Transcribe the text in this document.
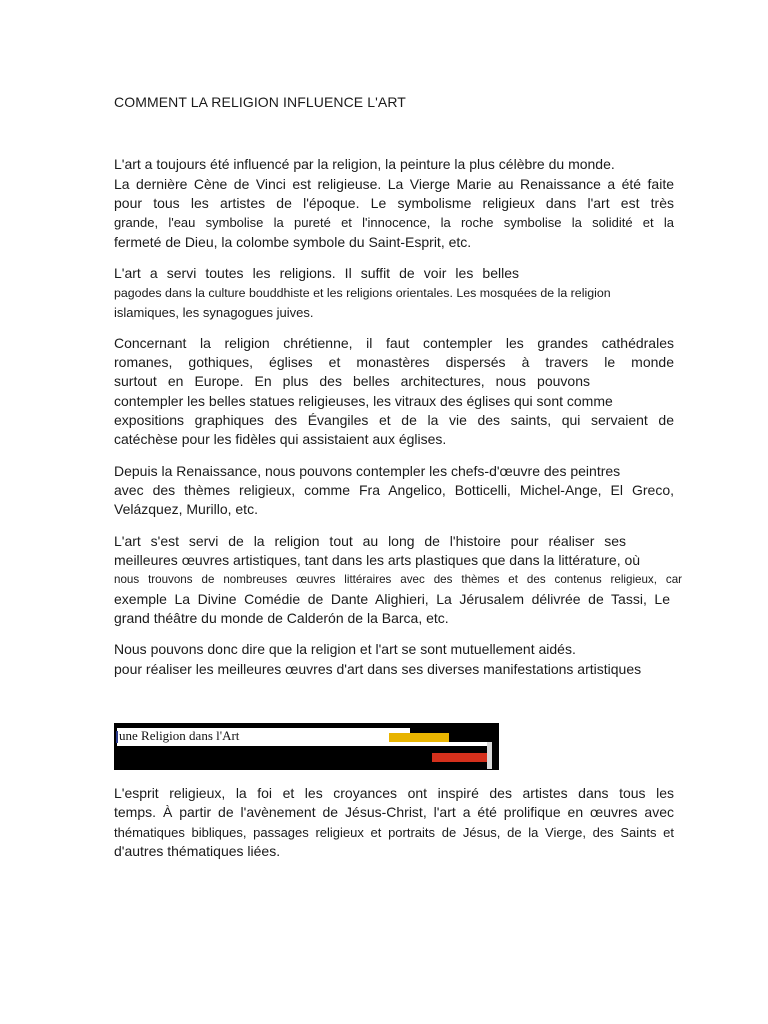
COMMENT LA RELIGION INFLUENCE L'ART
L'art a toujours été influencé par la religion, la peinture la plus célèbre du monde.
La dernière Cène de Vinci est religieuse. La Vierge Marie au Renaissance a été faite
pour tous les artistes de l'époque. Le symbolisme religieux dans l'art est très
grande, l'eau symbolise la pureté et l'innocence, la roche symbolise la solidité et la
fermeté de Dieu, la colombe symbole du Saint-Esprit, etc.
L'art a servi toutes les religions. Il suffit de voir les belles
pagodes dans la culture bouddhiste et les religions orientales. Les mosquées de la religion
islamiques, les synagogues juives.
Concernant la religion chrétienne, il faut contempler les grandes cathédrales
romanes, gothiques, églises et monastères dispersés à travers le monde
surtout en Europe. En plus des belles architectures, nous pouvons
contempler les belles statues religieuses, les vitraux des églises qui sont comme
expositions graphiques des Évangiles et de la vie des saints, qui servaient de
catéchèse pour les fidèles qui assistaient aux églises.
Depuis la Renaissance, nous pouvons contempler les chefs-d'œuvre des peintres
avec des thèmes religieux, comme Fra Angelico, Botticelli, Michel-Ange, El Greco,
Velázquez, Murillo, etc.
L'art s'est servi de la religion tout au long de l'histoire pour réaliser ses
meilleures œuvres artistiques, tant dans les arts plastiques que dans la littérature, où
nous trouvons de nombreuses œuvres littéraires avec des thèmes et des contenus religieux, car
exemple La Divine Comédie de Dante Alighieri, La Jérusalem délivrée de Tassi, Le
grand théâtre du monde de Calderón de la Barca, etc.
Nous pouvons donc dire que la religion et l'art se sont mutuellement aidés.
pour réaliser les meilleures œuvres d'art dans ses diverses manifestations artistiques
une Religion dans l'Art
L'esprit religieux, la foi et les croyances ont inspiré des artistes dans tous les
temps. À partir de l'avènement de Jésus-Christ, l'art a été prolifique en œuvres avec
thématiques bibliques, passages religieux et portraits de Jésus, de la Vierge, des Saints et
d'autres thématiques liées.
